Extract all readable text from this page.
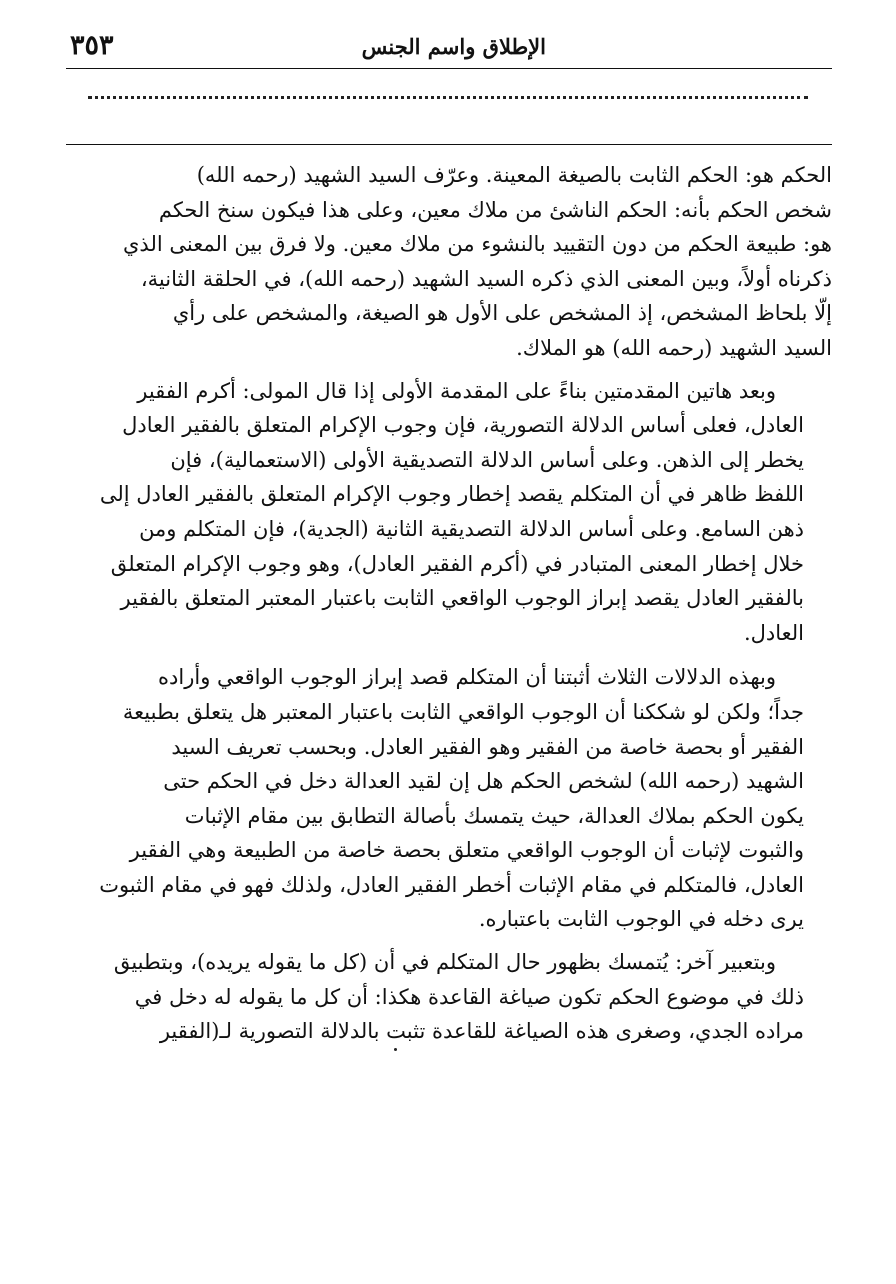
الإطلاق واسم الجنس
٣٥٣
الحكم هو: الحكم الثابت بالصيغة المعينة. وعرّف السيد الشهيد (رحمه الله)
شخص الحكم بأنه: الحكم الناشئ من ملاك معين، وعلى هذا فيكون سنخ الحكم
هو: طبيعة الحكم من دون التقييد بالنشوء من ملاك معين. ولا فرق بين المعنى الذي
ذكرناه أولاً، وبين المعنى الذي ذكره السيد الشهيد (رحمه الله)، في الحلقة الثانية،
إلّا بلحاظ المشخص، إذ المشخص على الأول هو الصيغة، والمشخص على رأي
السيد الشهيد (رحمه الله) هو الملاك.
وبعد هاتين المقدمتين بناءً على المقدمة الأولى إذا قال المولى: أكرم الفقير
العادل، فعلى أساس الدلالة التصورية، فإن وجوب الإكرام المتعلق بالفقير العادل
يخطر إلى الذهن. وعلى أساس الدلالة التصديقية الأولى (الاستعمالية)، فإن
اللفظ ظاهر في أن المتكلم يقصد إخطار وجوب الإكرام المتعلق بالفقير العادل إلى
ذهن السامع. وعلى أساس الدلالة التصديقية الثانية (الجدية)، فإن المتكلم ومن
خلال إخطار المعنى المتبادر في (أكرم الفقير العادل)، وهو وجوب الإكرام المتعلق
بالفقير العادل يقصد إبراز الوجوب الواقعي الثابت باعتبار المعتبر المتعلق بالفقير
العادل.
وبهذه الدلالات الثلاث أثبتنا أن المتكلم قصد إبراز الوجوب الواقعي وأراده
جداً؛ ولكن لو شككنا أن الوجوب الواقعي الثابت باعتبار المعتبر هل يتعلق بطبيعة
الفقير أو بحصة خاصة من الفقير وهو الفقير العادل. وبحسب تعريف السيد
الشهيد (رحمه الله) لشخص الحكم هل إن لقيد العدالة دخل في الحكم حتى
يكون الحكم بملاك العدالة، حيث يتمسك بأصالة التطابق بين مقام الإثبات
والثبوت لإثبات أن الوجوب الواقعي متعلق بحصة خاصة من الطبيعة وهي الفقير
العادل، فالمتكلم في مقام الإثبات أخطر الفقير العادل، ولذلك فهو في مقام الثبوت
يرى دخله في الوجوب الثابت باعتباره.
وبتعبير آخر: يُتمسك بظهور حال المتكلم في أن (كل ما يقوله يريده)، وبتطبيق
ذلك في موضوع الحكم تكون صياغة القاعدة هكذا: أن كل ما يقوله له دخل في
مراده الجدي، وصغرى هذه الصياغة للقاعدة تثبت بالدلالة التصورية لـ(الفقير
